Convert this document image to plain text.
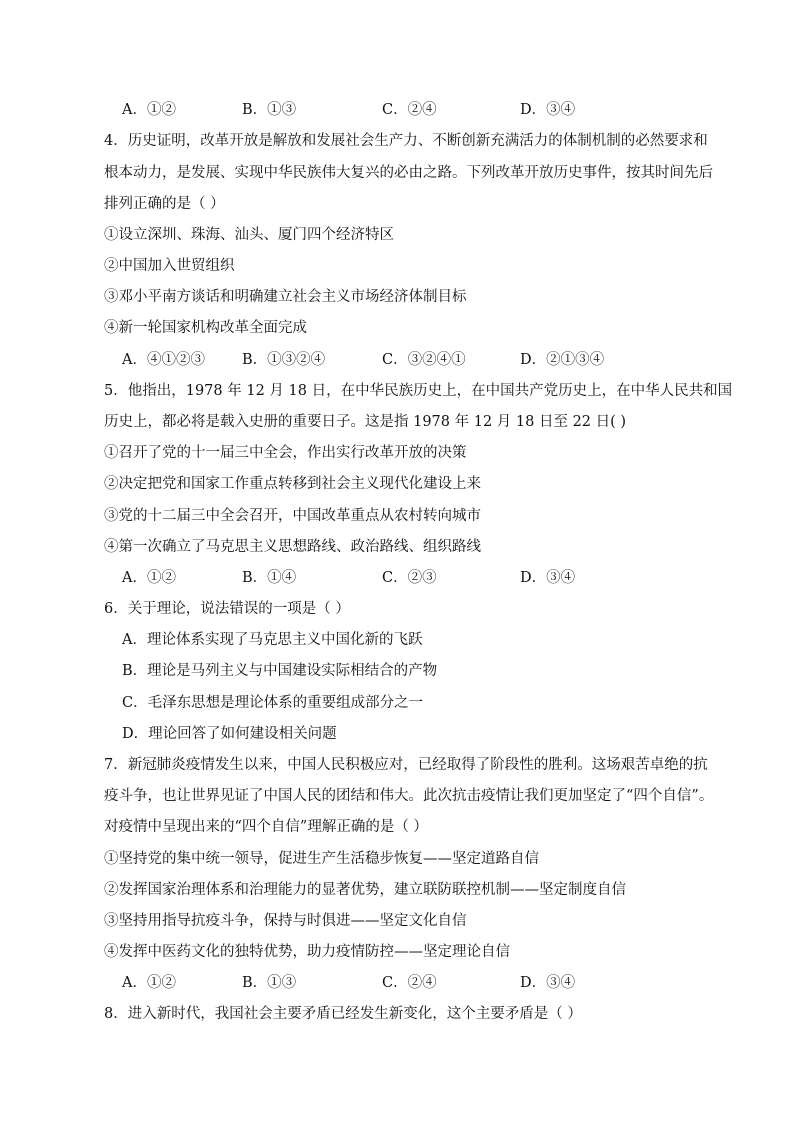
A．①②	B．①③	C．②④	D．③④
4．历史证明，改革开放是解放和发展社会生产力、不断创新充满活力的体制机制的必然要求和
根本动力，是发展、实现中华民族伟大复兴的必由之路。下列改革开放历史事件，按其时间先后
排列正确的是（ ）
①设立深圳、珠海、汕头、厦门四个经济特区
②中国加入世贸组织
③邓小平南方谈话和明确建立社会主义市场经济体制目标
④新一轮国家机构改革全面完成
A．④①②③	B．①③②④	C．③②④①	D．②①③④
5．他指出，1978 年 12 月 18 日，在中华民族历史上，在中国共产党历史上，在中华人民共和国
历史上，都必将是载入史册的重要日子。这是指 1978 年 12 月 18 日至 22 日( )
①召开了党的十一届三中全会，作出实行改革开放的决策
②决定把党和国家工作重点转移到社会主义现代化建设上来
③党的十二届三中全会召开，中国改革重点从农村转向城市
④第一次确立了马克思主义思想路线、政治路线、组织路线
A．①②	B．①④	C．②③	D．③④
6．关于理论，说法错误的一项是（ ）
A．理论体系实现了马克思主义中国化新的飞跃
B．理论是马列主义与中国建设实际相结合的产物
C．毛泽东思想是理论体系的重要组成部分之一
D．理论回答了如何建设相关问题
7．新冠肺炎疫情发生以来，中国人民积极应对，已经取得了阶段性的胜利。这场艰苦卓绝的抗
疫斗争，也让世界见证了中国人民的团结和伟大。此次抗击疫情让我们更加坚定了“四个自信”。
对疫情中呈现出来的“四个自信”理解正确的是（ ）
①坚持党的集中统一领导，促进生产生活稳步恢复——坚定道路自信
②发挥国家治理体系和治理能力的显著优势，建立联防联控机制——坚定制度自信
③坚持用指导抗疫斗争，保持与时俱进——坚定文化自信
④发挥中医药文化的独特优势，助力疫情防控——坚定理论自信
A．①②	B．①③	C．②④	D．③④
8．进入新时代，我国社会主要矛盾已经发生新变化，这个主要矛盾是（ ）
